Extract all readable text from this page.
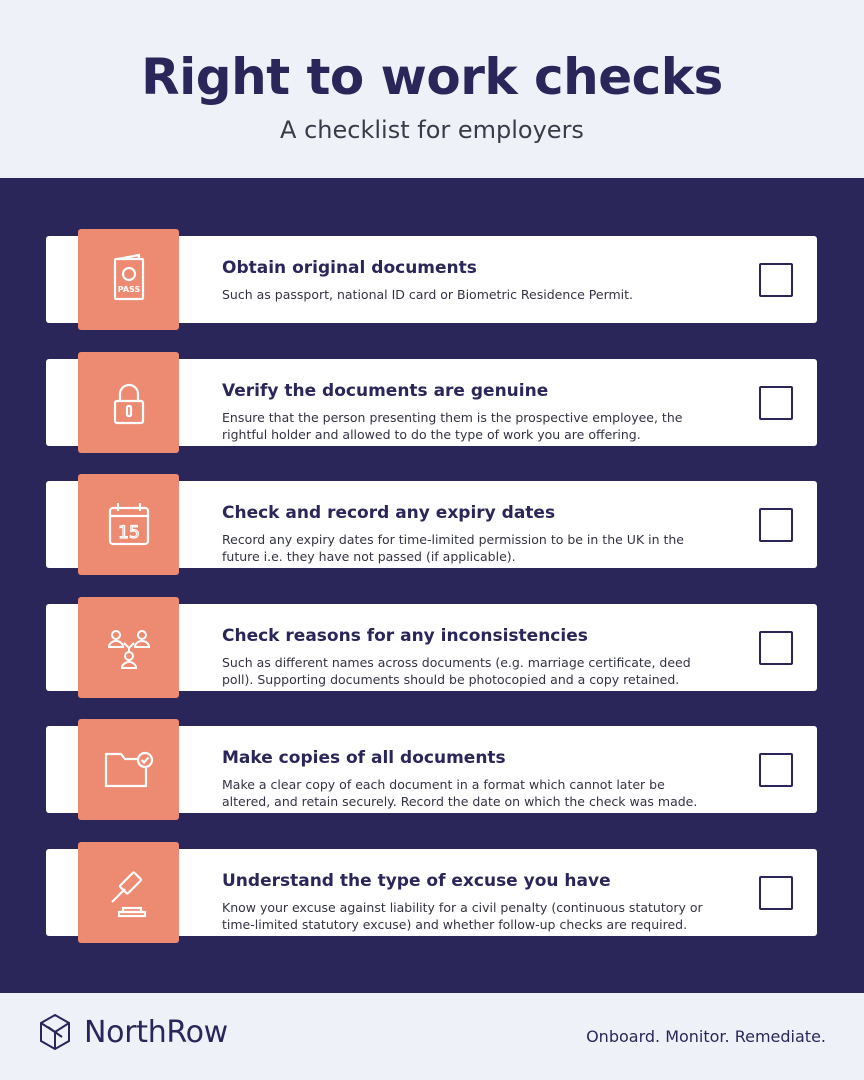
Right to work checks
A checklist for employers
PASS
Obtain original documents
Such as passport, national ID card or Biometric Residence Permit.
Verify the documents are genuine
Ensure that the person presenting them is the prospective employee, the
rightful holder and allowed to do the type of work you are offering.
15
Check and record any expiry dates
Record any expiry dates for time-limited permission to be in the UK in the
future i.e. they have not passed (if applicable).
Check reasons for any inconsistencies
Such as different names across documents (e.g. marriage certificate, deed
poll). Supporting documents should be photocopied and a copy retained.
Make copies of all documents
Make a clear copy of each document in a format which cannot later be
altered, and retain securely. Record the date on which the check was made.
Understand the type of excuse you have
Know your excuse against liability for a civil penalty (continuous statutory or
time-limited statutory excuse) and whether follow-up checks are required.
NorthRow	Onboard. Monitor. Remediate.
